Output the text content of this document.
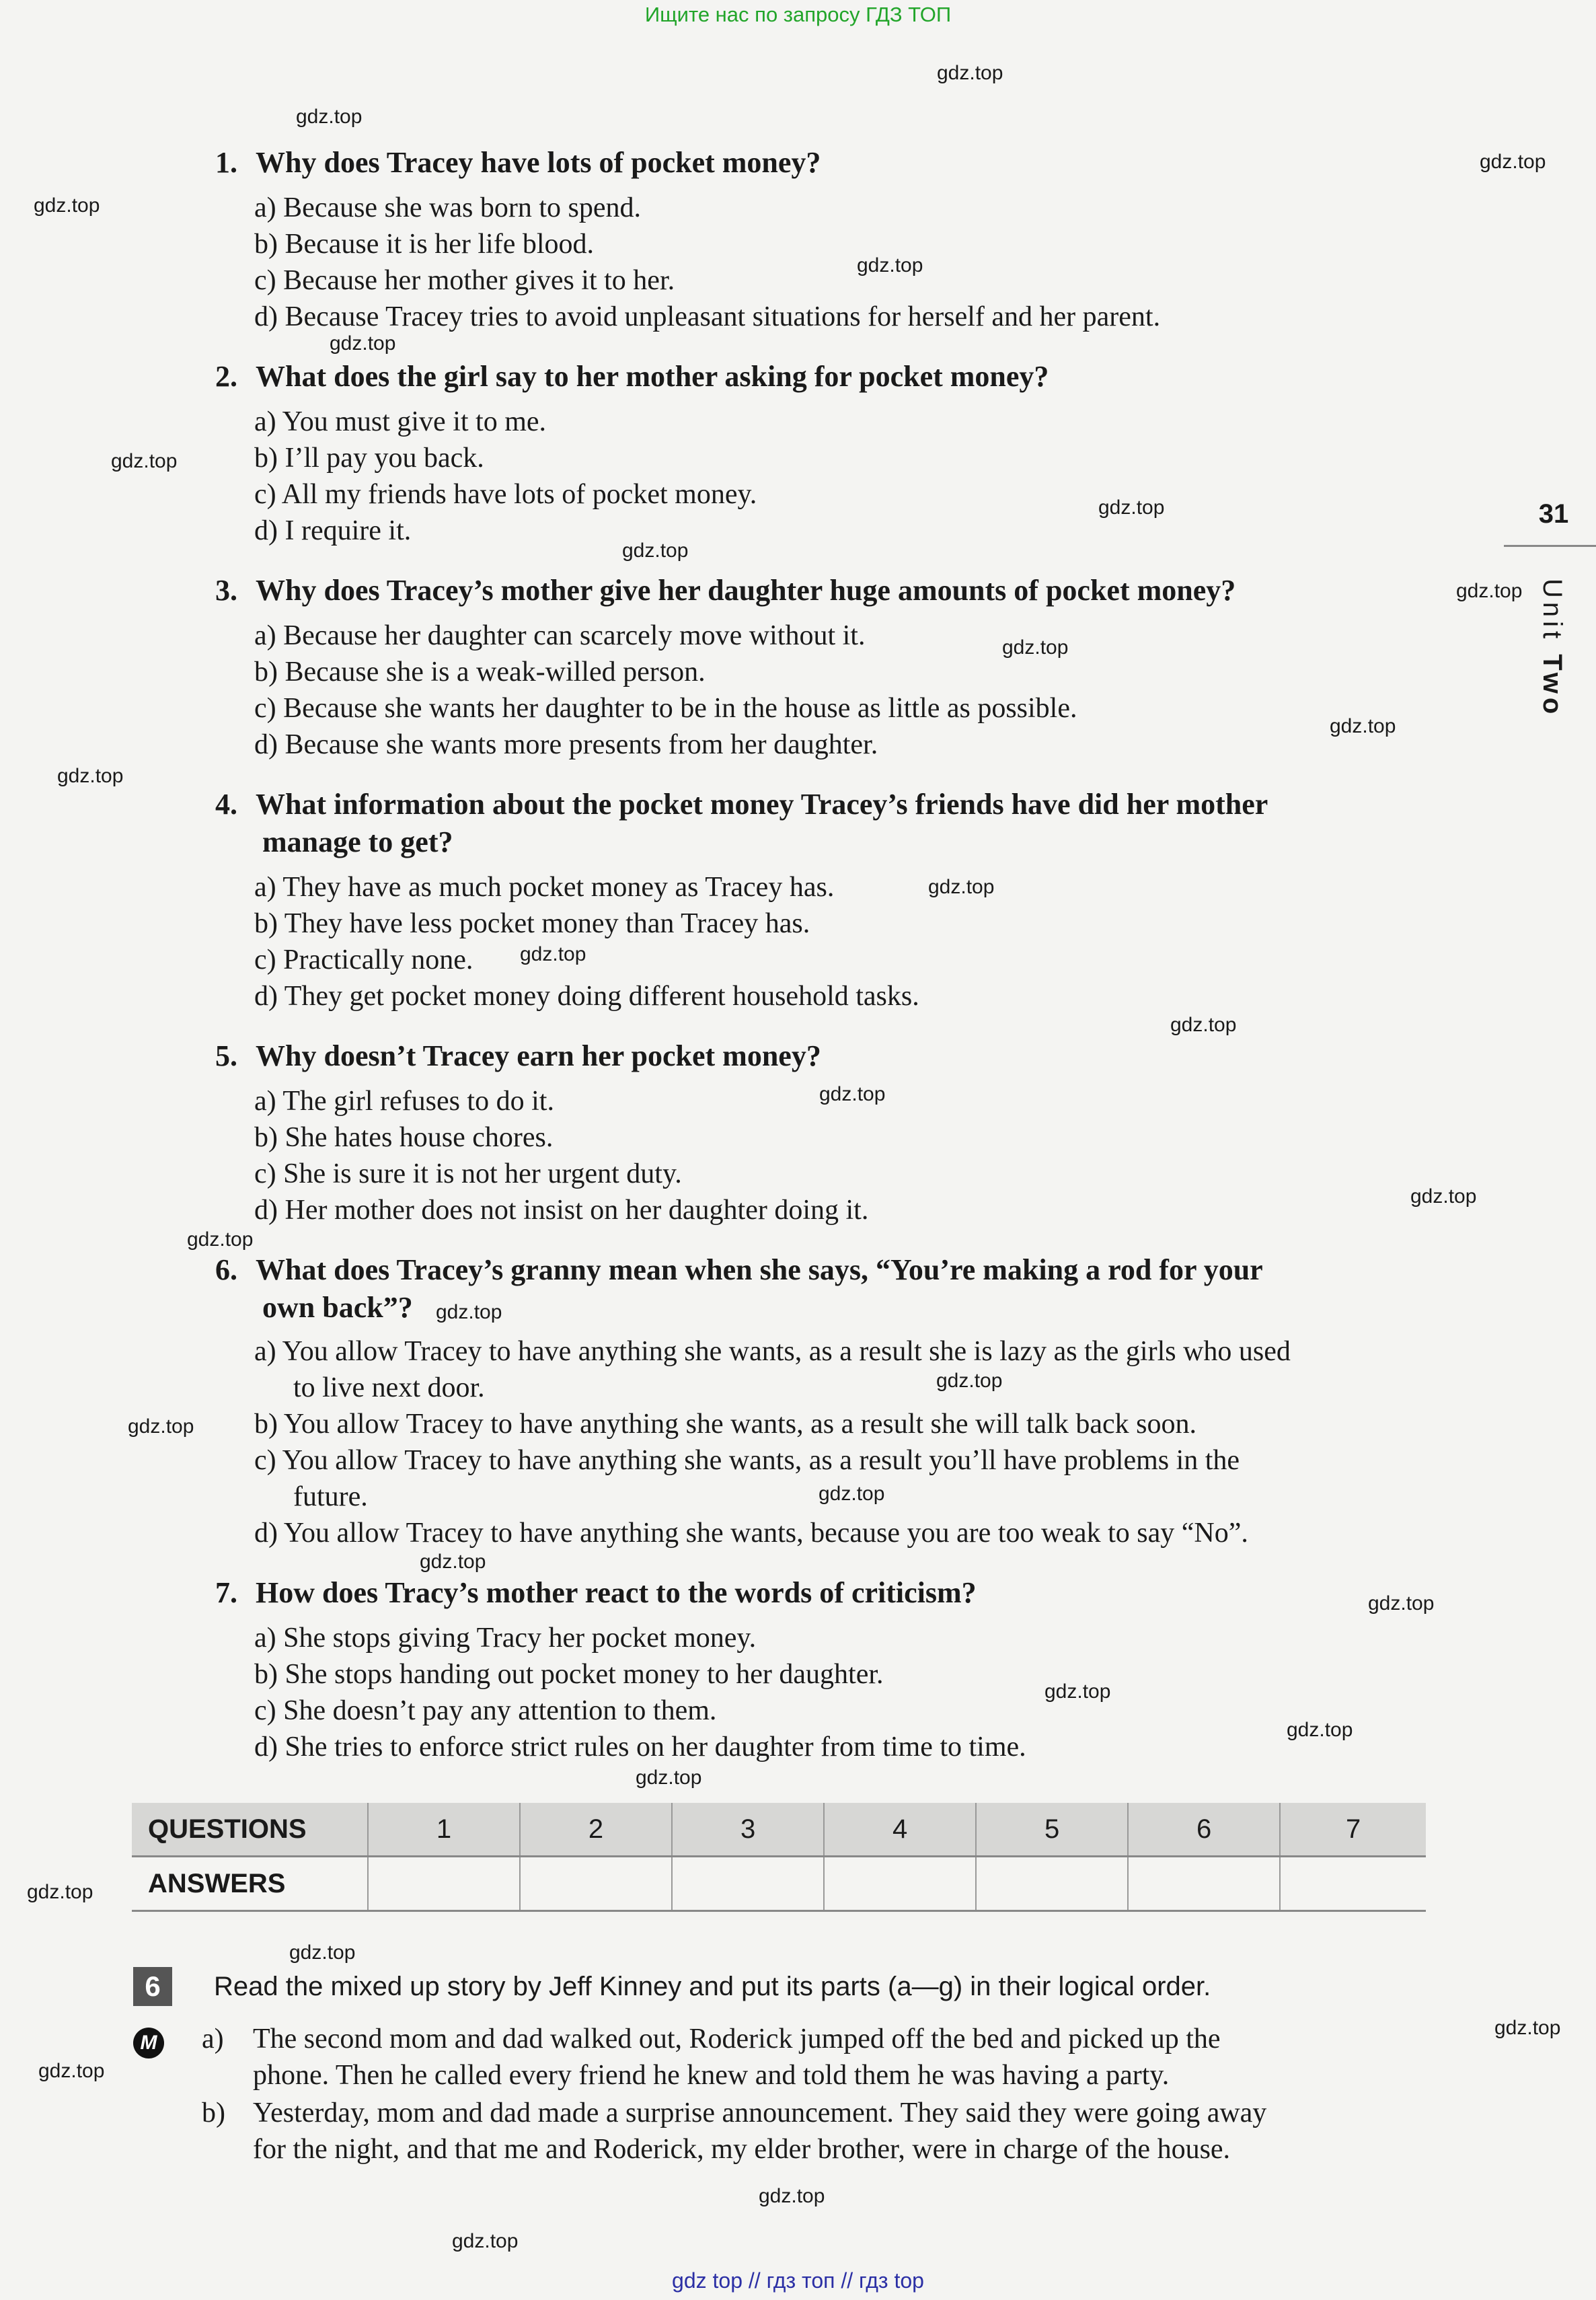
Ищите нас по запросу ГДЗ ТОП
gdz.top
gdz.top
gdz.top
gdz.top
gdz.top
gdz.top
gdz.top
gdz.top
gdz.top
gdz.top
gdz.top
gdz.top
gdz.top
gdz.top
gdz.top
gdz.top
gdz.top
gdz.top
gdz.top
gdz.top
gdz.top
gdz.top
gdz.top
gdz.top
gdz.top
gdz.top
gdz.top
gdz.top
gdz.top
gdz.top
gdz.top
gdz.top
gdz.top
gdz.top
31
Unit Two
1. Why does Tracey have lots of pocket money?
a) Because she was born to spend.
b) Because it is her life blood.
c) Because her mother gives it to her.
d) Because Tracey tries to avoid unpleasant situations for herself and her parent.
2. What does the girl say to her mother asking for pocket money?
a) You must give it to me.
b) I’ll pay you back.
c) All my friends have lots of pocket money.
d) I require it.
3. Why does Tracey’s mother give her daughter huge amounts of pocket money?
a) Because her daughter can scarcely move without it.
b) Because she is a weak-willed person.
c) Because she wants her daughter to be in the house as little as possible.
d) Because she wants more presents from her daughter.
4. What information about the pocket money Tracey’s friends have did her mother
manage to get?
a) They have as much pocket money as Tracey has.
b) They have less pocket money than Tracey has.
c) Practically none.
d) They get pocket money doing different household tasks.
5. Why doesn’t Tracey earn her pocket money?
a) The girl refuses to do it.
b) She hates house chores.
c) She is sure it is not her urgent duty.
d) Her mother does not insist on her daughter doing it.
6. What does Tracey’s granny mean when she says, “You’re making a rod for your
own back”?
a) You allow Tracey to have anything she wants, as a result she is lazy as the girls who used
to live next door.
b) You allow Tracey to have anything she wants, as a result she will talk back soon.
c) You allow Tracey to have anything she wants, as a result you’ll have problems in the
future.
d) You allow Tracey to have anything she wants, because you are too weak to say “No”.
7. How does Tracy’s mother react to the words of criticism?
a) She stops giving Tracy her pocket money.
b) She stops handing out pocket money to her daughter.
c) She doesn’t pay any attention to them.
d) She tries to enforce strict rules on her daughter from time to time.
QUESTIONS	1	2	3	4	5	6	7
ANSWERS							
6	Read the mixed up story by Jeff Kinney and put its parts (a—g) in their logical order.
M a) The second mom and dad walked out, Roderick jumped off the bed and picked up the
phone. Then he called every friend he knew and told them he was having a party.
b) Yesterday, mom and dad made a surprise announcement. They said they were going away
for the night, and that me and Roderick, my elder brother, were in charge of the house.
gdz top // гдз топ // гдз top
